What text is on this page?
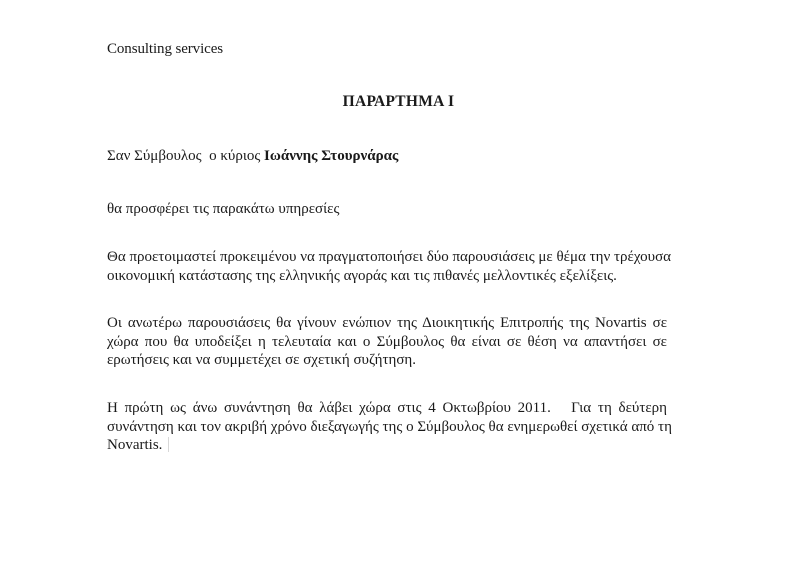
Consulting services
ΠΑΡΑΡΤΗΜΑ Ι
Σαν Σύμβουλος  ο κύριος Ιωάννης Στουρνάρας
θα προσφέρει τις παρακάτω υπηρεσίες
Θα προετοιμαστεί προκειμένου να πραγματοποιήσει δύο παρουσιάσεις με θέμα την τρέχουσα
οικονομική κατάστασης της ελληνικής αγοράς και τις πιθανές μελλοντικές εξελίξεις.
Οι ανωτέρω παρουσιάσεις θα γίνουν ενώπιον της Διοικητικής Επιτροπής της Novartis σε
χώρα που θα υποδείξει η τελευταία και ο Σύμβουλος θα είναι σε θέση να απαντήσει σε
ερωτήσεις και να συμμετέχει σε σχετική συζήτηση.
Η πρώτη ως άνω συνάντηση θα λάβει χώρα στις 4 Οκτωβρίου 2011.   Για τη δεύτερη
συνάντηση και τον ακριβή χρόνο διεξαγωγής της ο Σύμβουλος θα ενημερωθεί σχετικά από τη
Novartis.
